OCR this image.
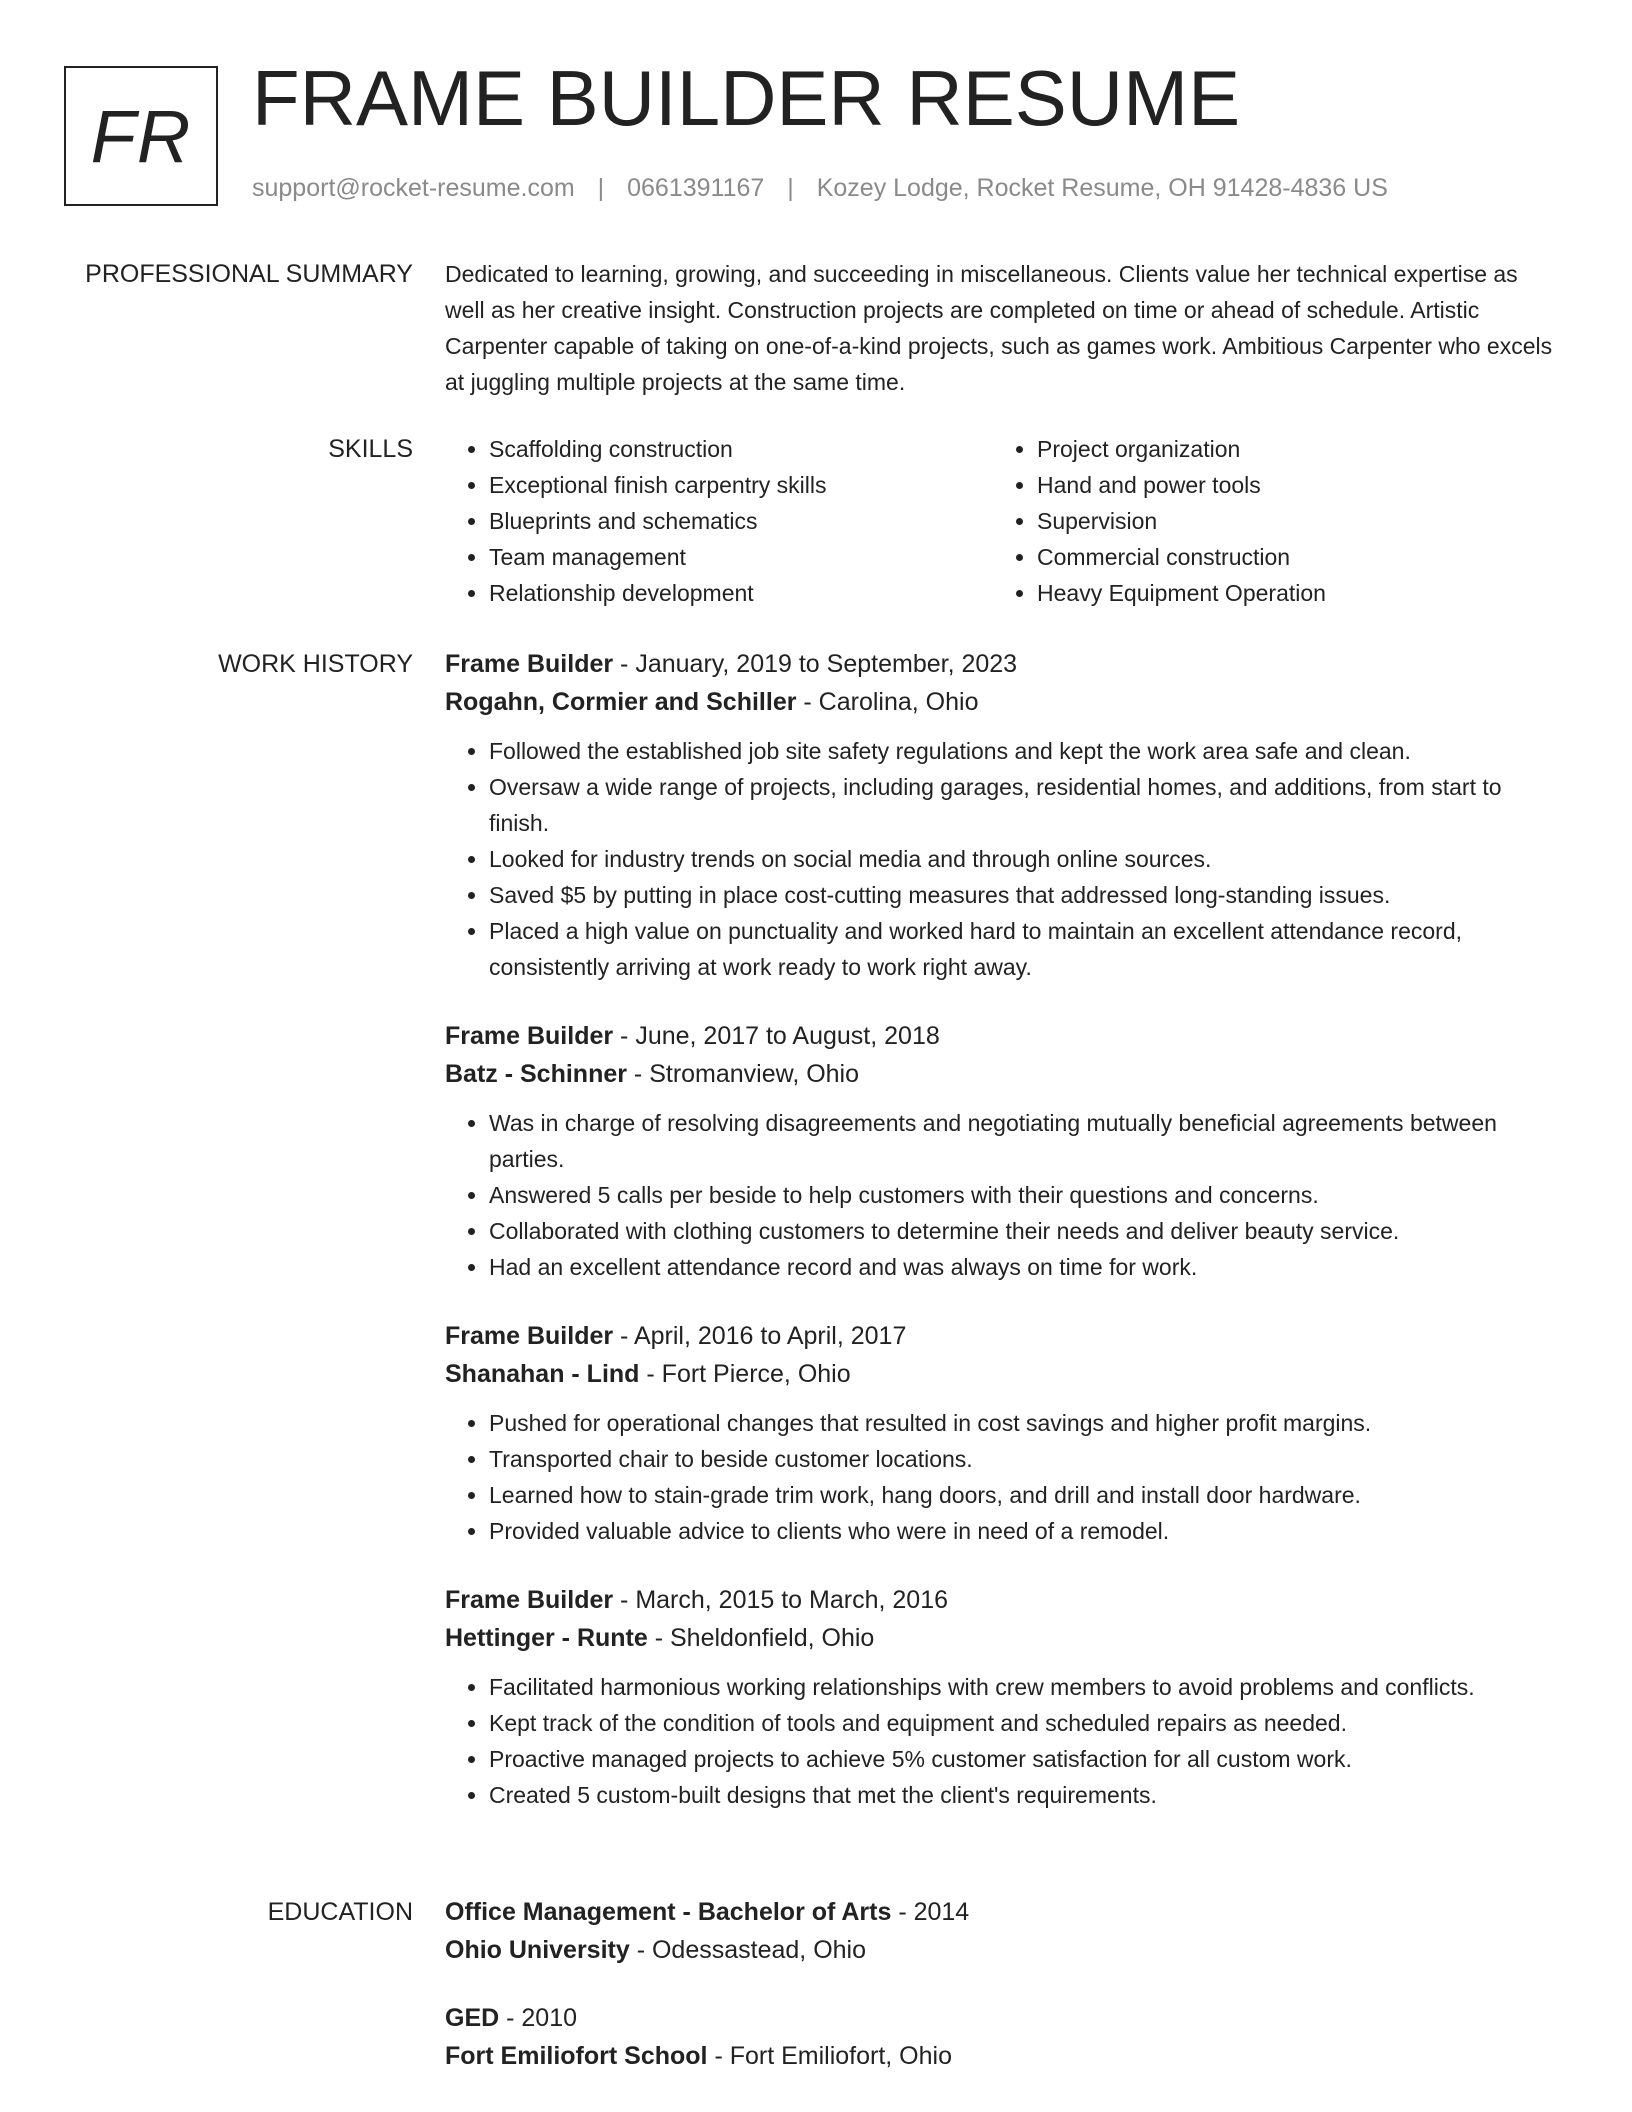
FR FRAME BUILDER RESUME
support@rocket-resume.com | 0661391167 | Kozey Lodge, Rocket Resume, OH 91428-4836 US
PROFESSIONAL SUMMARY Dedicated to learning, growing, and succeeding in miscellaneous. Clients value her technical expertise as well as her creative insight. Construction projects are completed on time or ahead of schedule. Artistic Carpenter capable of taking on one-of-a-kind projects, such as games work. Ambitious Carpenter who excels at juggling multiple projects at the same time.

SKILLS
•	Scaffolding construction
• Exceptional finish carpentry skills
• Blueprints and schematics
• Team management
• Relationship development
• Project organization
• Hand and power tools
• Supervision
• Commercial construction
• Heavy Equipment Operation
WORK HISTORY Frame Builder - January, 2019 to September, 2023
Rogahn, Cormier and Schiller - Carolina, Ohio
• Followed the established job site safety regulations and kept the work area safe and clean.
• Oversaw a wide range of projects, including garages, residential homes, and additions, from start to finish.
• Looked for industry trends on social media and through online sources.
• Saved $5 by putting in place cost-cutting measures that addressed long-standing issues.
• Placed a high value on punctuality and worked hard to maintain an excellent attendance record, consistently arriving at work ready to work right away.
Frame Builder - June, 2017 to August, 2018
Batz - Schinner - Stromanview, Ohio
• Was in charge of resolving disagreements and negotiating mutually beneficial agreements between parties.
• Answered 5 calls per beside to help customers with their questions and concerns.
• Collaborated with clothing customers to determine their needs and deliver beauty service.
• Had an excellent attendance record and was always on time for work.
Frame Builder - April, 2016 to April, 2017
Shanahan - Lind - Fort Pierce, Ohio
• Pushed for operational changes that resulted in cost savings and higher profit margins.
• Transported chair to beside customer locations.
• Learned how to stain-grade trim work, hang doors, and drill and install door hardware.
• Provided valuable advice to clients who were in need of a remodel.
Frame Builder - March, 2015 to March, 2016
Hettinger - Runte - Sheldonfield, Ohio
• Facilitated harmonious working relationships with crew members to avoid problems and conflicts.
• Kept track of the condition of tools and equipment and scheduled repairs as needed.
• Proactive managed projects to achieve 5% customer satisfaction for all custom work.
• Created 5 custom-built designs that met the client's requirements.
EDUCATION Office Management - Bachelor of Arts - 2014
Ohio University - Odessastead, Ohio
GED - 2010
Fort Emiliofort School - Fort Emiliofort, Ohio
